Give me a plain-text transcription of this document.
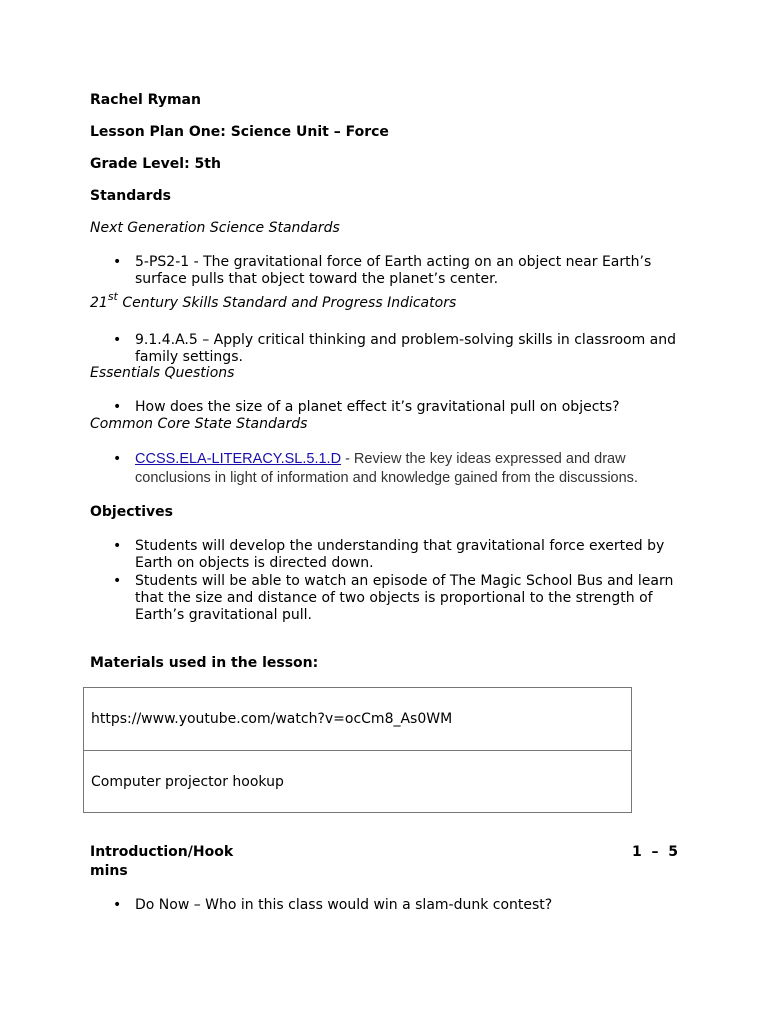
Rachel Ryman
Lesson Plan One: Science Unit – Force
Grade Level: 5th
Standards
Next Generation Science Standards
• 5-PS2-1 - The gravitational force of Earth acting on an object near Earth’s
surface pulls that object toward the planet’s center.
21st Century Skills Standard and Progress Indicators
• 9.1.4.A.5 – Apply critical thinking and problem-solving skills in classroom and
family settings.
Essentials Questions
• How does the size of a planet effect it’s gravitational pull on objects?
Common Core State Standards
• CCSS.ELA-LITERACY.SL.5.1.D - Review the key ideas expressed and draw
conclusions in light of information and knowledge gained from the discussions.
Objectives
• Students will develop the understanding that gravitational force exerted by
Earth on objects is directed down.
• Students will be able to watch an episode of The Magic School Bus and learn
that the size and distance of two objects is proportional to the strength of
Earth’s gravitational pull.
Materials used in the lesson:
https://www.youtube.com/watch?v=ocCm8_As0WM
Computer projector hookup
Introduction/Hook	1  –  5
mins
• Do Now – Who in this class would win a slam-dunk contest?
